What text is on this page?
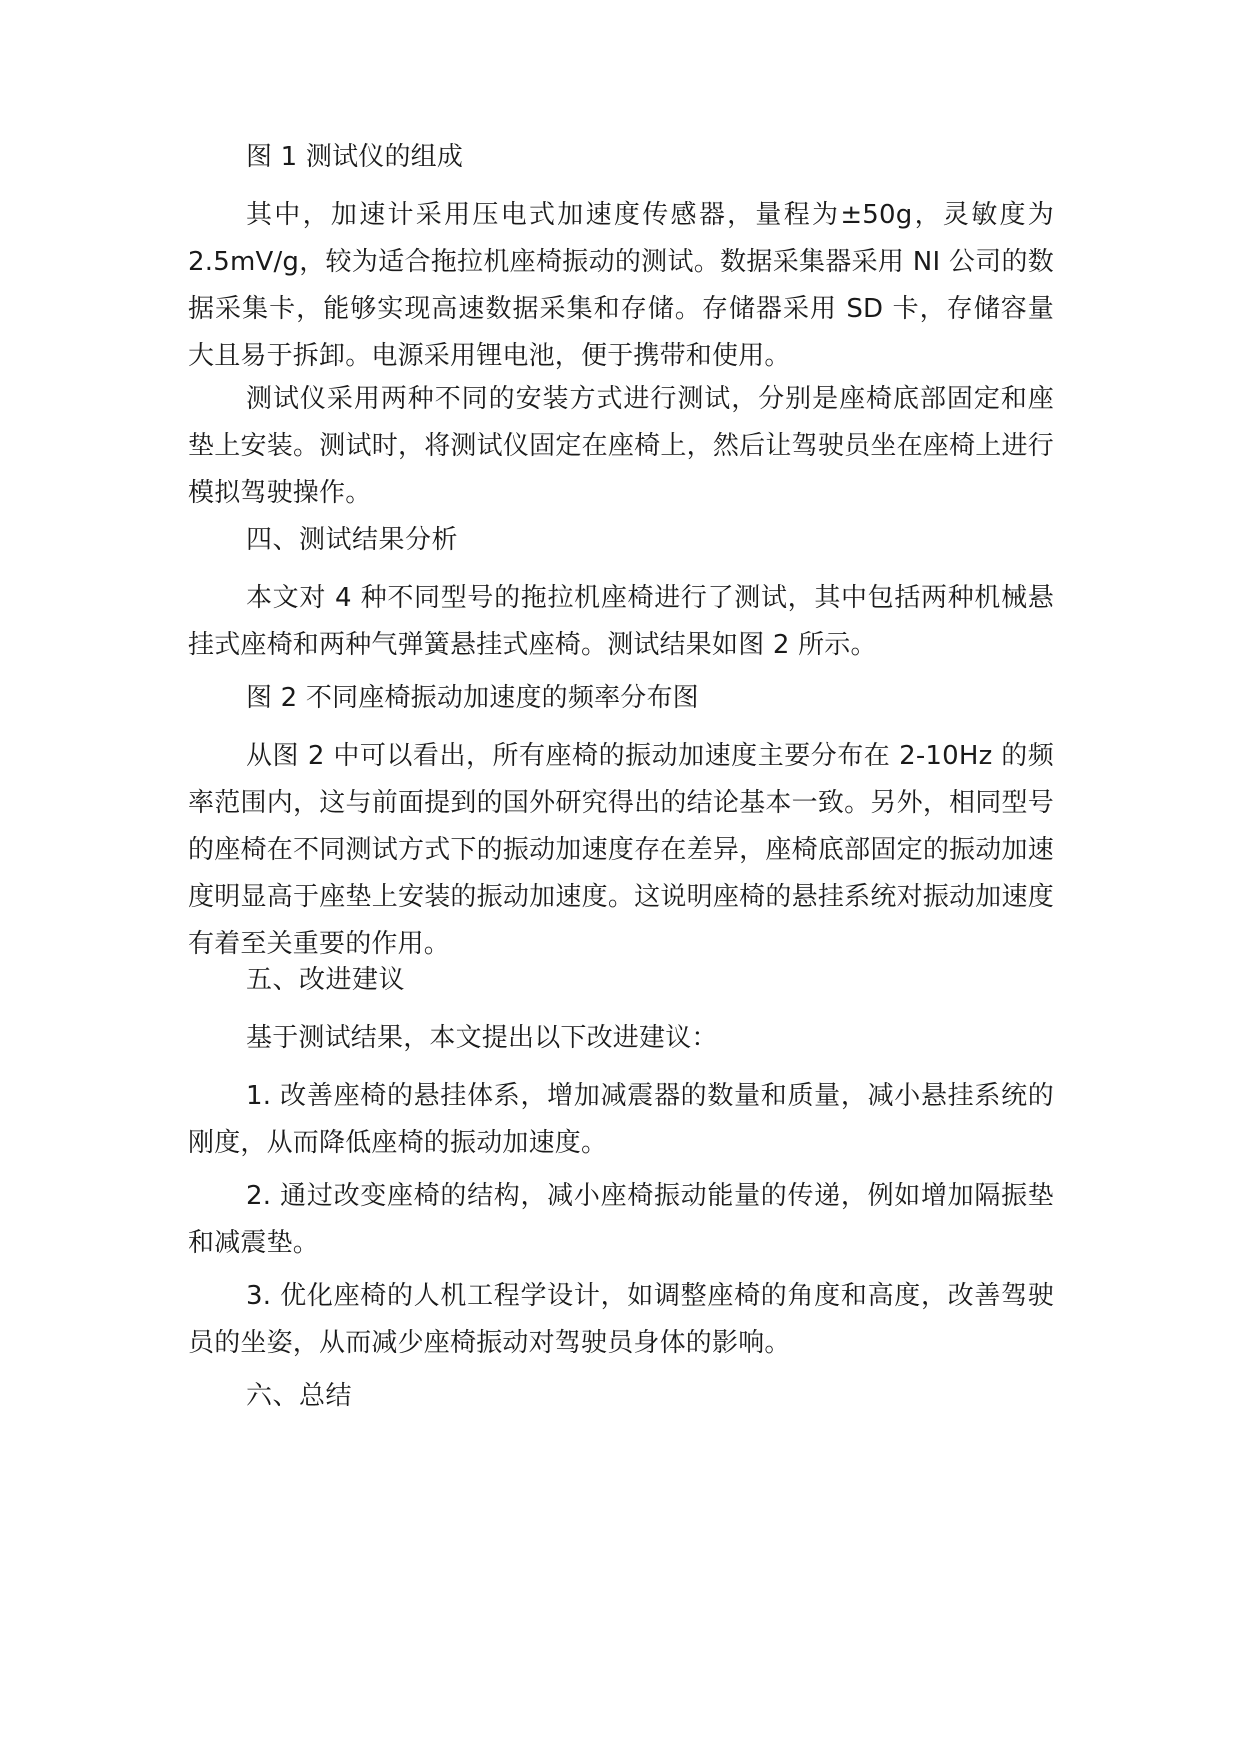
图 1 测试仪的组成

其中，加速计采用压电式加速度传感器，量程为±50g，灵敏度为 2.5mV/g，较为适合拖拉机座椅振动的测试。数据采集器采用 NI 公司的数据采集卡，能够实现高速数据采集和存储。存储器采用 SD 卡，存储容量大且易于拆卸。电源采用锂电池，便于携带和使用。

测试仪采用两种不同的安装方式进行测试，分别是座椅底部固定和座垫上安装。测试时，将测试仪固定在座椅上，然后让驾驶员坐在座椅上进行模拟驾驶操作。

四、测试结果分析

本文对 4 种不同型号的拖拉机座椅进行了测试，其中包括两种机械悬挂式座椅和两种气弹簧悬挂式座椅。测试结果如图 2 所示。

图 2 不同座椅振动加速度的频率分布图

从图 2 中可以看出，所有座椅的振动加速度主要分布在 2-10Hz 的频率范围内，这与前面提到的国外研究得出的结论基本一致。另外，相同型号的座椅在不同测试方式下的振动加速度存在差异，座椅底部固定的振动加速度明显高于座垫上安装的振动加速度。这说明座椅的悬挂系统对振动加速度有着至关重要的作用。

五、改进建议

基于测试结果，本文提出以下改进建议：

1. 改善座椅的悬挂体系，增加减震器的数量和质量，减小悬挂系统的刚度，从而降低座椅的振动加速度。

2. 通过改变座椅的结构，减小座椅振动能量的传递，例如增加隔振垫和减震垫。

3. 优化座椅的人机工程学设计，如调整座椅的角度和高度，改善驾驶员的坐姿，从而减少座椅振动对驾驶员身体的影响。

六、总结
